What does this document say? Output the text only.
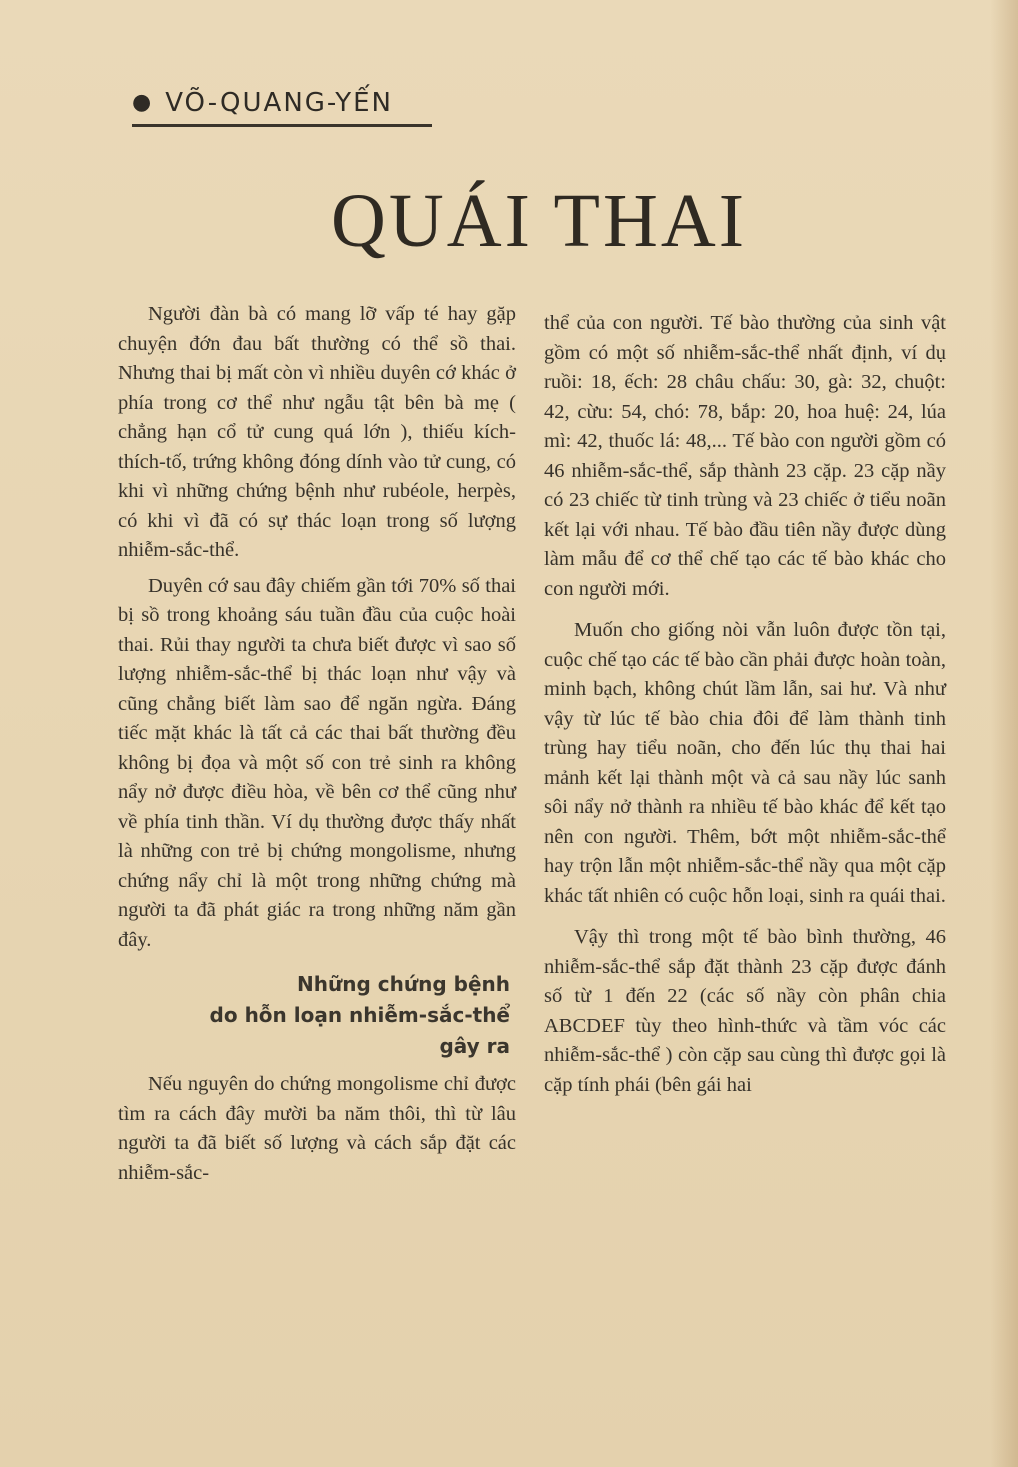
● VÕ-QUANG-YẾN
QUÁI THAI

Người đàn bà có mang lỡ vấp té hay gặp chuyện đớn đau bất thường có thể sồ thai. Nhưng thai bị mất còn vì nhiều duyên cớ khác ở phía trong cơ thể như ngẫu tật bên bà mẹ ( chẳng hạn cổ tử cung quá lớn ), thiếu kích-thích-tố, trứng không đóng dính vào tử cung, có khi vì những chứng bệnh như rubéole, herpès, có khi vì đã có sự thác loạn trong số lượng nhiễm-sắc-thể.

Duyên cớ sau đây chiếm gần tới 70% số thai bị sồ trong khoảng sáu tuần đầu của cuộc hoài thai. Rủi thay người ta chưa biết được vì sao số lượng nhiễm-sắc-thể bị thác loạn như vậy và cũng chẳng biết làm sao để ngăn ngừa. Đáng tiếc mặt khác là tất cả các thai bất thường đều không bị đọa và một số con trẻ sinh ra không nẩy nở được điều hòa, về bên cơ thể cũng như về phía tinh thần. Ví dụ thường được thấy nhất là những con trẻ bị chứng mongolisme, nhưng chứng nẩy chỉ là một trong những chứng mà người ta đã phát giác ra trong những năm gần đây.

Những chứng bệnh
do hỗn loạn nhiễm-sắc-thể
gây ra

Nếu nguyên do chứng mongolisme chỉ được tìm ra cách đây mười ba năm thôi, thì từ lâu người ta đã biết số lượng và cách sắp đặt các nhiễm-sắc-

thể của con người. Tế bào thường của sinh vật gồm có một số nhiễm-sắc-thể nhất định, ví dụ ruồi: 18, ếch: 28 châu chấu: 30, gà: 32, chuột: 42, cừu: 54, chó: 78, bắp: 20, hoa huệ: 24, lúa mì: 42, thuốc lá: 48,... Tế bào con người gồm có 46 nhiễm-sắc-thể, sắp thành 23 cặp. 23 cặp nầy có 23 chiếc từ tinh trùng và 23 chiếc ở tiểu noãn kết lại với nhau. Tế bào đầu tiên nầy được dùng làm mẫu để cơ thể chế tạo các tế bào khác cho con người mới.

Muốn cho giống nòi vẫn luôn được tồn tại, cuộc chế tạo các tế bào cần phải được hoàn toàn, minh bạch, không chút lầm lẫn, sai hư. Và như vậy từ lúc tế bào chia đôi để làm thành tinh trùng hay tiểu noãn, cho đến lúc thụ thai hai mảnh kết lại thành một và cả sau nầy lúc sanh sôi nẩy nở thành ra nhiều tế bào khác để kết tạo nên con người. Thêm, bớt một nhiễm-sắc-thể hay trộn lẫn một nhiễm-sắc-thể nầy qua một cặp khác tất nhiên có cuộc hỗn loại, sinh ra quái thai.

Vậy thì trong một tế bào bình thường, 46 nhiễm-sắc-thể sắp đặt thành 23 cặp được đánh số từ 1 đến 22 (các số nầy còn phân chia ABCDEF tùy theo hình-thức và tầm vóc các nhiễm-sắc-thể ) còn cặp sau cùng thì được gọi là cặp tính phái (bên gái hai
